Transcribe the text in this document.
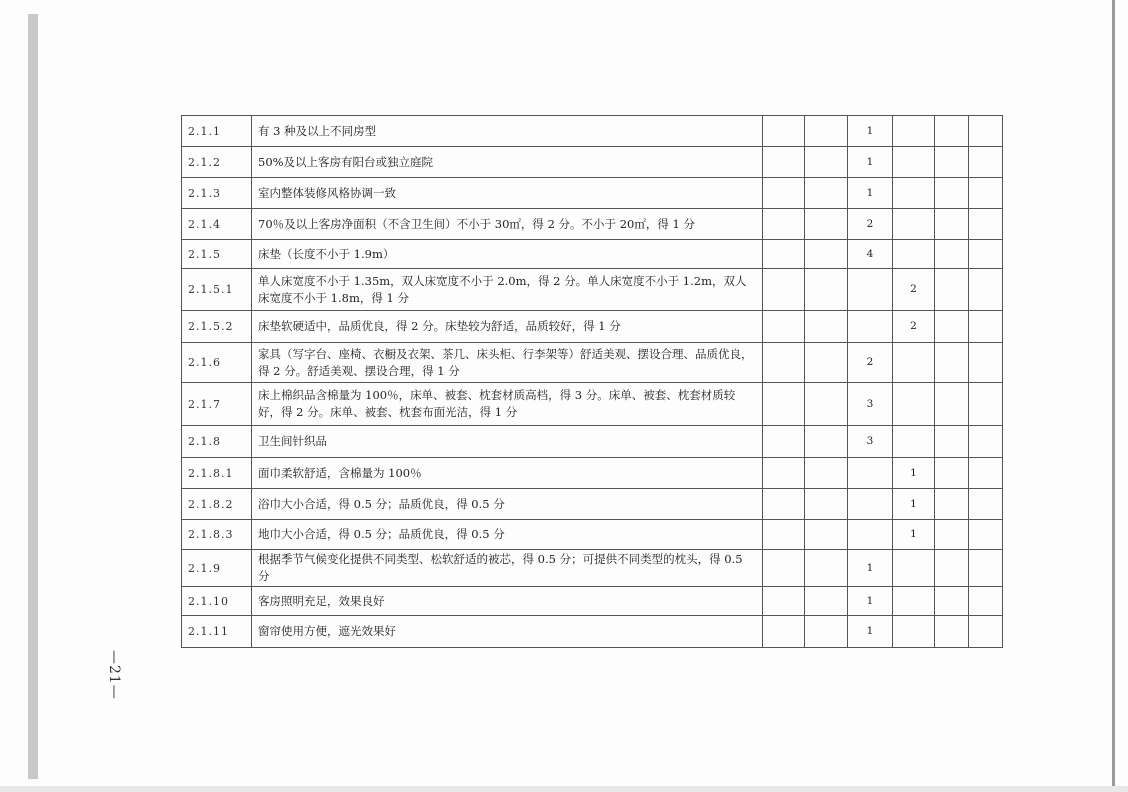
2.1.1	有 3 种及以上不同房型			1			
2.1.2	50%及以上客房有阳台或独立庭院			1			
2.1.3	室内整体装修风格协调一致			1			
2.1.4	70％及以上客房净面积（不含卫生间）不小于 30㎡，得 2 分。不小于 20㎡，得 1 分			2			
2.1.5	床垫（长度不小于 1.9m）			4			
2.1.5.1	单人床宽度不小于 1.35m，双人床宽度不小于 2.0m，得 2 分。单人床宽度不小于 1.2m，双人床宽度不小于 1.8m，得 1 分				2		
2.1.5.2	床垫软硬适中，品质优良，得 2 分。床垫较为舒适，品质较好，得 1 分				2		
2.1.6	家具（写字台、座椅、衣橱及衣架、茶几、床头柜、行李架等）舒适美观、摆设合理、品质优良，得 2 分。舒适美观、摆设合理，得 1 分			2			
2.1.7	床上棉织品含棉量为 100％，床单、被套、枕套材质高档，得 3 分。床单、被套、枕套材质较好，得 2 分。床单、被套、枕套布面光洁，得 1 分			3			
2.1.8	卫生间针织品			3			
2.1.8.1	面巾柔软舒适，含棉量为 100％				1		
2.1.8.2	浴巾大小合适，得 0.5 分；品质优良，得 0.5 分				1		
2.1.8.3	地巾大小合适，得 0.5 分；品质优良，得 0.5 分				1		
2.1.9	根据季节气候变化提供不同类型、松软舒适的被芯，得 0.5 分；可提供不同类型的枕头，得 0.5 分			1			
2.1.10	客房照明充足，效果良好			1			
2.1.11	窗帘使用方便，遮光效果好			1			
—21—
